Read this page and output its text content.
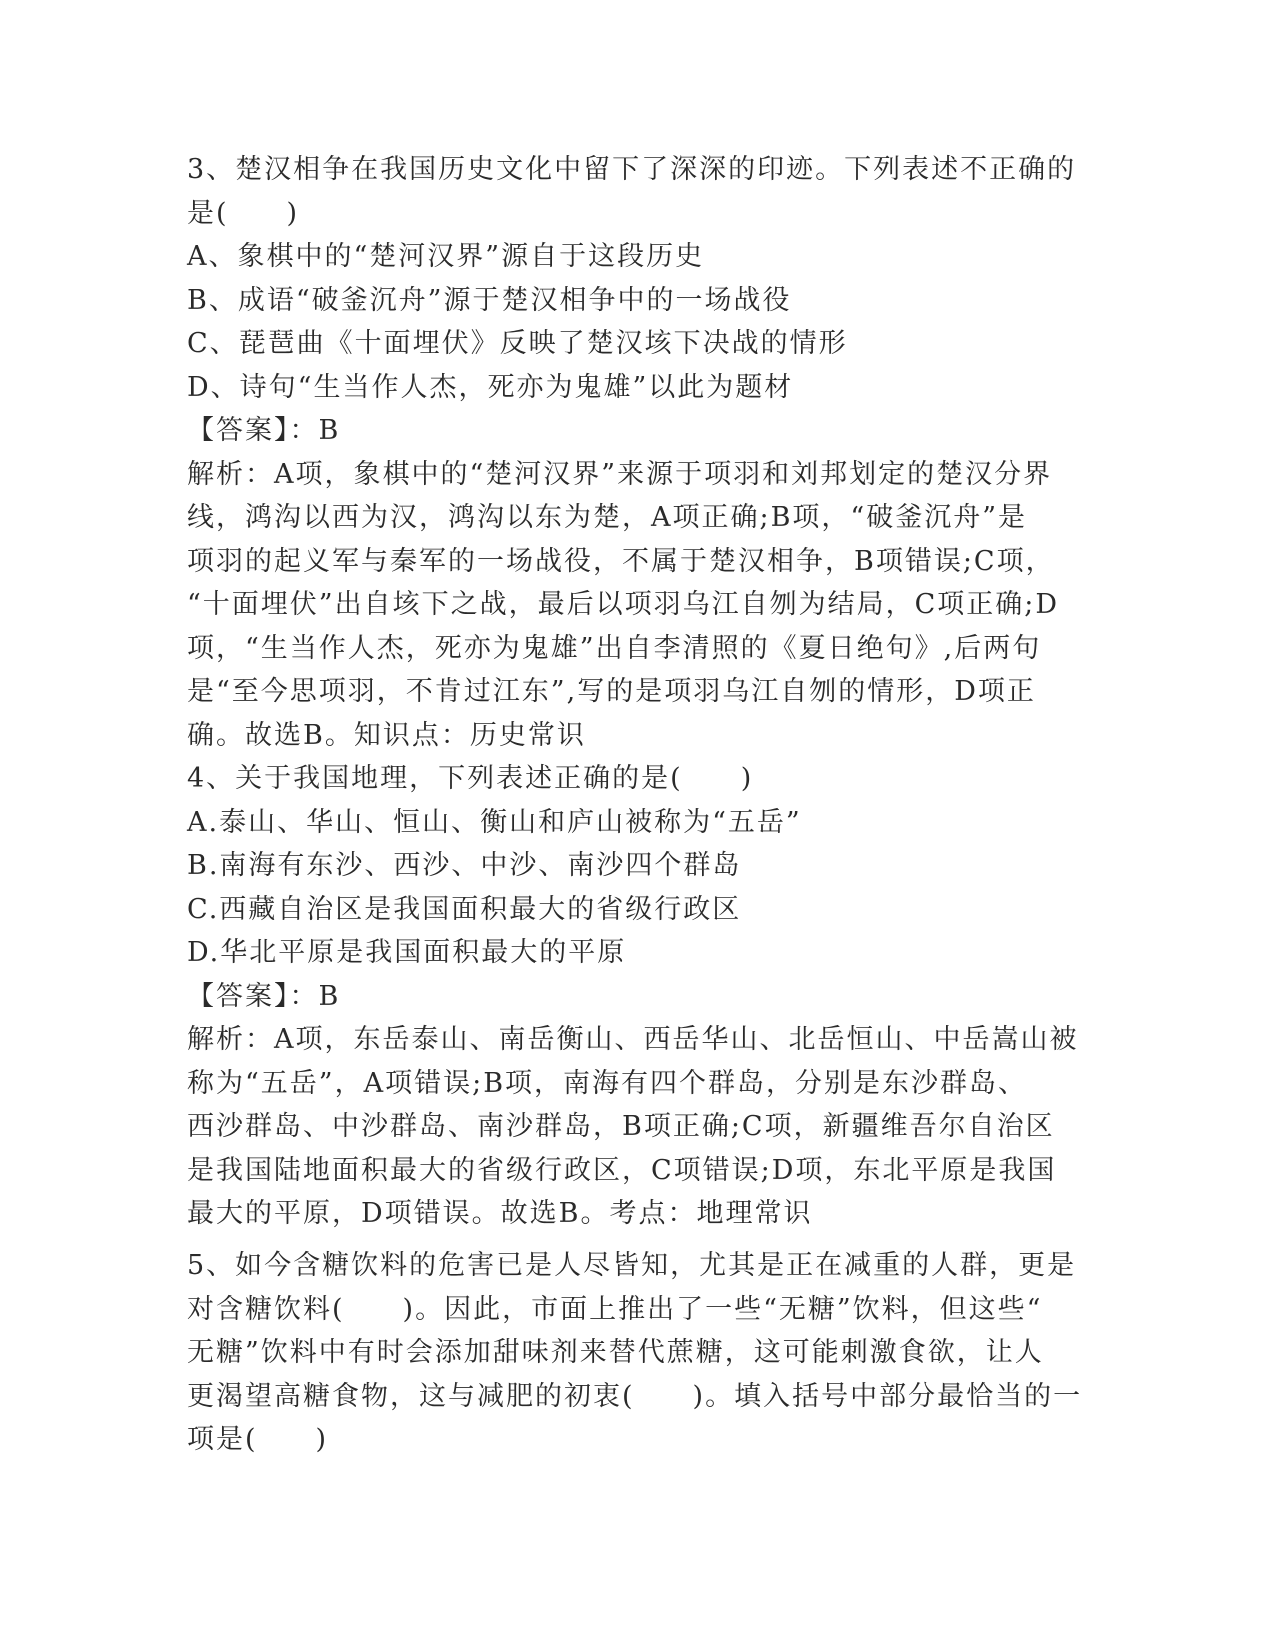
3、楚汉相争在我国历史文化中留下了深深的印迹。下列表述不正确的
是(　　)
A、象棋中的“楚河汉界”源自于这段历史
B、成语“破釜沉舟”源于楚汉相争中的一场战役
C、琵琶曲《十面埋伏》反映了楚汉垓下决战的情形
D、诗句“生当作人杰，死亦为鬼雄”以此为题材
【答案】：B
解析：A项，象棋中的“楚河汉界”来源于项羽和刘邦划定的楚汉分界
线，鸿沟以西为汉，鸿沟以东为楚，A项正确;B项，“破釜沉舟”是
项羽的起义军与秦军的一场战役，不属于楚汉相争，B项错误;C项，
“十面埋伏”出自垓下之战，最后以项羽乌江自刎为结局，C项正确;D
项，“生当作人杰，死亦为鬼雄”出自李清照的《夏日绝句》,后两句
是“至今思项羽，不肯过江东”,写的是项羽乌江自刎的情形，D项正
确。故选B。知识点：历史常识
4、关于我国地理，下列表述正确的是(　　)
A.泰山、华山、恒山、衡山和庐山被称为“五岳”
B.南海有东沙、西沙、中沙、南沙四个群岛
C.西藏自治区是我国面积最大的省级行政区
D.华北平原是我国面积最大的平原
【答案】：B
解析：A项，东岳泰山、南岳衡山、西岳华山、北岳恒山、中岳嵩山被
称为“五岳”，A项错误;B项，南海有四个群岛，分别是东沙群岛、
西沙群岛、中沙群岛、南沙群岛，B项正确;C项，新疆维吾尔自治区
是我国陆地面积最大的省级行政区，C项错误;D项，东北平原是我国
最大的平原，D项错误。故选B。考点：地理常识
5、如今含糖饮料的危害已是人尽皆知，尤其是正在减重的人群，更是
对含糖饮料(　　)。因此，市面上推出了一些“无糖”饮料，但这些“
无糖”饮料中有时会添加甜味剂来替代蔗糖，这可能刺激食欲，让人
更渴望高糖食物，这与减肥的初衷(　　)。填入括号中部分最恰当的一
项是(　　)
